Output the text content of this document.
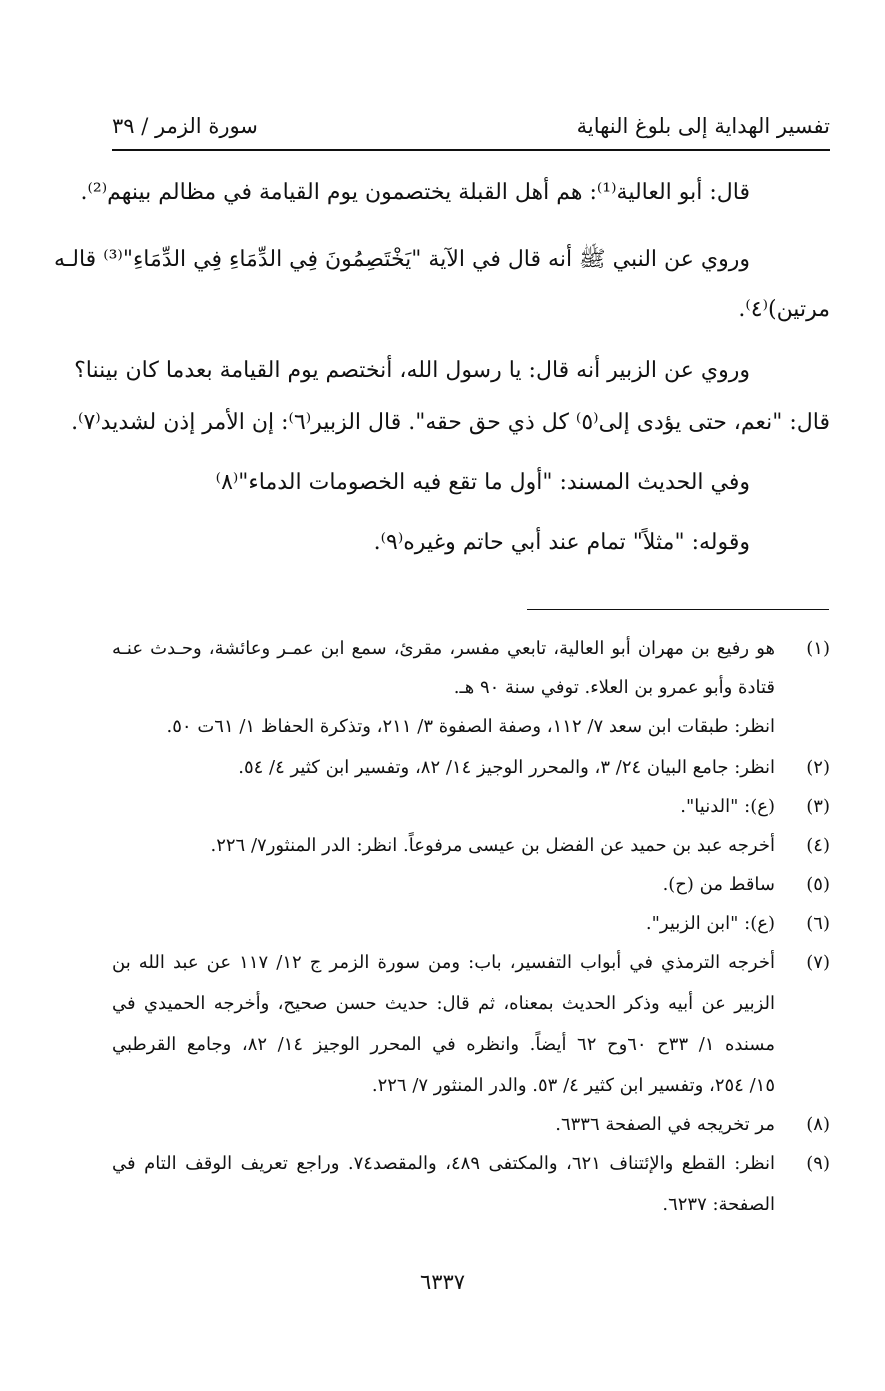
تفسير الهداية إلى بلوغ النهاية
سورة الزمر / ٣٩
قال: أبو العالية⁽¹⁾: هم أهل القبلة يختصمون يوم القيامة في مظالم بينهم⁽²⁾.
وروي عن النبي ﷺ أنه قال في الآية "يَخْتَصِمُونَ فِي الدِّمَاءِ فِي الدِّمَاءِ"⁽³⁾ قالـه
مرتين)⁽٤⁾.
وروي عن الزبير أنه قال: يا رسول الله، أنختصم يوم القيامة بعدما كان بيننا؟
قال: "نعم، حتى يؤدى إلى⁽٥⁾ كل ذي حق حقه". قال الزبير⁽٦⁾: إن الأمر إذن لشديد⁽٧⁾.
وفي الحديث المسند: "أول ما تقع فيه الخصومات الدماء"⁽٨⁾
وقوله: "مثلاً" تمام عند أبي حاتم وغيره⁽٩⁾.
(١)
هو رفيع بن مهران أبو العالية، تابعي مفسر، مقرئ، سمع ابن عمـر وعائشة، وحـدث عنـه
قتادة وأبو عمرو بن العلاء. توفي سنة ٩٠ هـ.
انظر: طبقات ابن سعد ٧/ ١١٢، وصفة الصفوة ٣/ ٢١١، وتذكرة الحفاظ ١/ ٦١ت ٥٠.
(٢)
انظر: جامع البيان ٢٤/ ٣، والمحرر الوجيز ١٤/ ٨٢، وتفسير ابن كثير ٤/ ٥٤.
(٣)
(ع): "الدنيا".
(٤)
أخرجه عبد بن حميد عن الفضل بن عيسى مرفوعاً. انظر: الدر المنثور٧/ ٢٢٦.
(٥)
ساقط من (ح).
(٦)
(ع): "ابن الزبير".
(٧)
أخرجه الترمذي في أبواب التفسير، باب: ومن سورة الزمر ج ١٢/ ١١٧ عن عبد الله بن
الزبير عن أبيه وذكر الحديث بمعناه، ثم قال: حديث حسن صحيح، وأخرجه الحميدي في
مسنده ١/ ٣٣ح ٦٠وح ٦٢ أيضاً. وانظره في المحرر الوجيز ١٤/ ٨٢، وجامع القرطبي
١٥/ ٢٥٤، وتفسير ابن كثير ٤/ ٥٣. والدر المنثور ٧/ ٢٢٦.
(٨)
مر تخريجه في الصفحة ٦٣٣٦.
(٩)
انظر: القطع والإئتناف ٦٢١، والمكتفى ٤٨٩، والمقصد٧٤. وراجع تعريف الوقف التام في
الصفحة: ٦٢٣٧.
٦٣٣٧
